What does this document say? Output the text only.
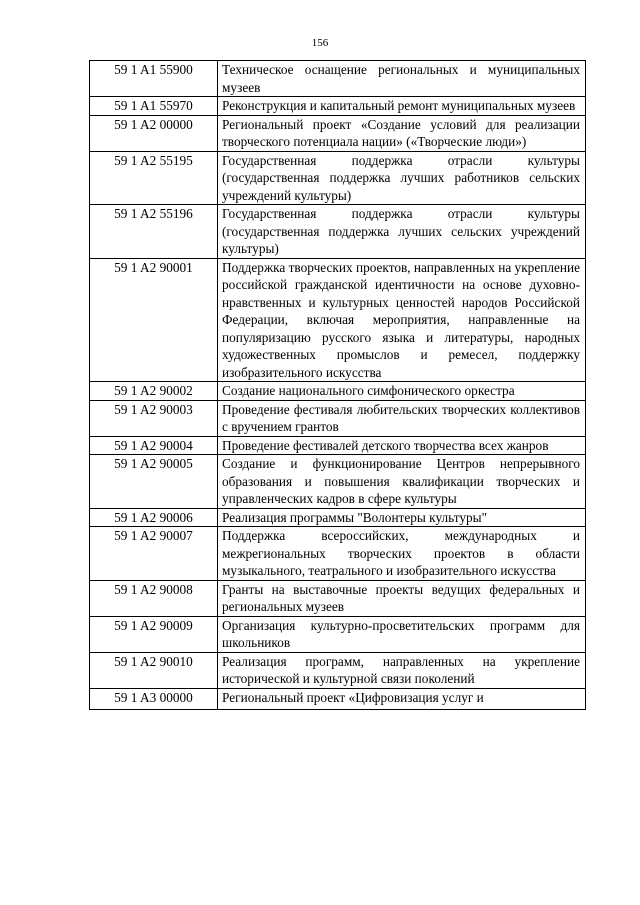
156
59 1 A1 55900	Техническое оснащение региональных и муниципальных музеев
59 1 A1 55970	Реконструкция и капитальный ремонт муниципальных музеев
59 1 A2 00000	Региональный проект «Создание условий для реализации творческого потенциала нации» («Творческие люди»)
59 1 A2 55195	Государственная поддержка отрасли культуры (государственная поддержка лучших работников сельских учреждений культуры)
59 1 A2 55196	Государственная поддержка отрасли культуры (государственная поддержка лучших сельских учреждений культуры)
59 1 A2 90001	Поддержка творческих проектов, направленных на укрепление российской гражданской идентичности на основе духовно-нравственных и культурных ценностей народов Российской Федерации, включая мероприятия, направленные на популяризацию русского языка и литературы, народных художественных промыслов и ремесел, поддержку изобразительного искусства
59 1 A2 90002	Создание национального симфонического оркестра
59 1 A2 90003	Проведение фестиваля любительских творческих коллективов с вручением грантов
59 1 A2 90004	Проведение фестивалей детского творчества всех жанров
59 1 A2 90005	Создание и функционирование Центров непрерывного образования и повышения квалификации творческих и управленческих кадров в сфере культуры
59 1 A2 90006	Реализация программы "Волонтеры культуры"
59 1 A2 90007	Поддержка всероссийских, международных и межрегиональных творческих проектов в области музыкального, театрального и изобразительного искусства
59 1 A2 90008	Гранты на выставочные проекты ведущих федеральных и региональных музеев
59 1 A2 90009	Организация культурно-просветительских программ для школьников
59 1 A2 90010	Реализация программ, направленных на укрепление исторической и культурной связи поколений
59 1 A3 00000	Региональный проект «Цифровизация услуг и
